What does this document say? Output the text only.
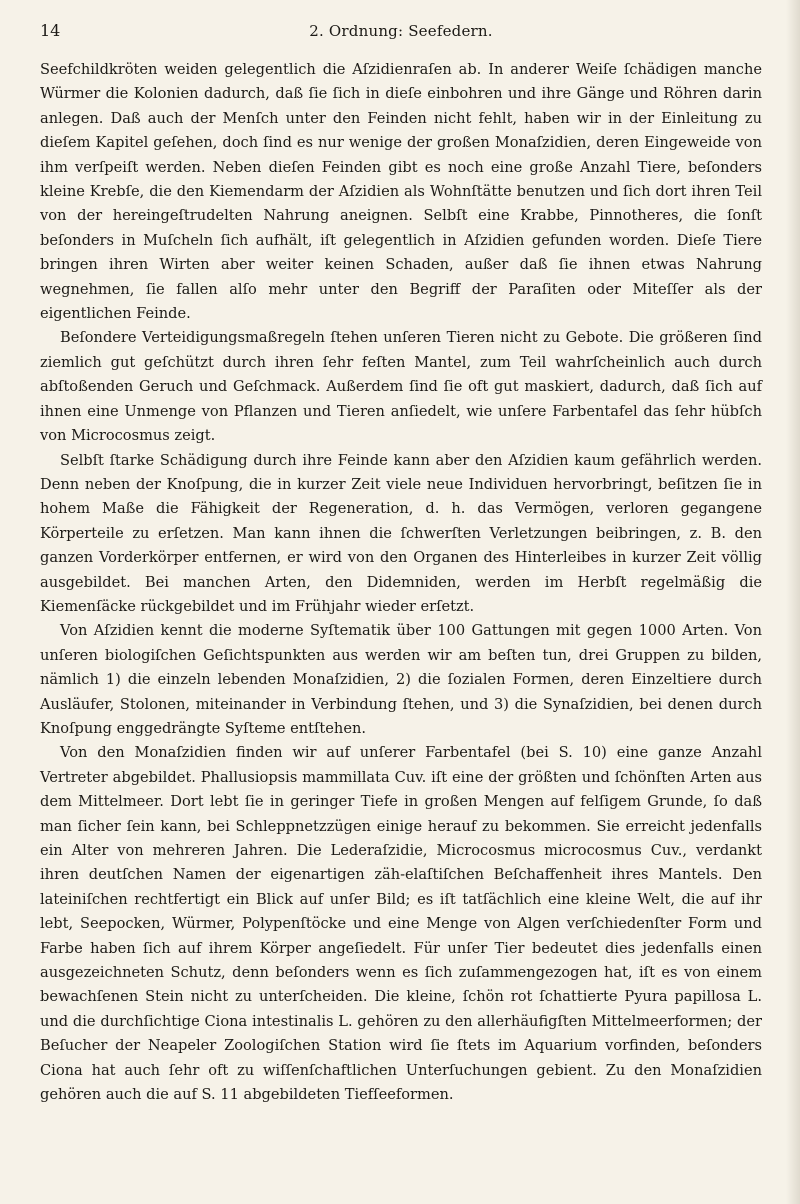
14	2. Ordnung: Seefedern.

Seefchildkröten weiden gelegentlich die Aſzidienraſen ab. In anderer Weiſe ſchädigen manche Würmer die Kolonien dadurch, daß ſie ſich in dieſe einbohren und ihre Gänge und Röhren darin anlegen. Daß auch der Menſch unter den Feinden nicht fehlt, haben wir in der Einleitung zu dieſem Kapitel geſehen, doch ſind es nur wenige der großen Monaſzidien, deren Eingeweide von ihm verſpeiſt werden. Neben dieſen Feinden gibt es noch eine große Anzahl Tiere, beſonders kleine Krebſe, die den Kiemendarm der Aſzidien als Wohnſtätte benutzen und ſich dort ihren Teil von der hereingeſtrudelten Nahrung aneignen. Selbſt eine Krabbe, Pinnotheres, die ſonſt beſonders in Muſcheln ſich aufhält, iſt gelegentlich in Aſzidien gefunden worden. Dieſe Tiere bringen ihren Wirten aber weiter keinen Schaden, außer daß ſie ihnen etwas Nahrung wegnehmen, ſie fallen alſo mehr unter den Begriff der Paraſiten oder Miteſſer als der eigentlichen Feinde.

Beſondere Verteidigungsmaßregeln ſtehen unſeren Tieren nicht zu Gebote. Die größeren ſind ziemlich gut geſchützt durch ihren ſehr feſten Mantel, zum Teil wahrſcheinlich auch durch abſtoßenden Geruch und Geſchmack. Außerdem ſind ſie oft gut maskiert, dadurch, daß ſich auf ihnen eine Unmenge von Pflanzen und Tieren anſiedelt, wie unſere Farbentafel das ſehr hübſch von Microcosmus zeigt.

Selbſt ſtarke Schädigung durch ihre Feinde kann aber den Aſzidien kaum gefährlich werden. Denn neben der Knoſpung, die in kurzer Zeit viele neue Individuen hervorbringt, beſitzen ſie in hohem Maße die Fähigkeit der Regeneration, d. h. das Vermögen, verloren gegangene Körperteile zu erſetzen. Man kann ihnen die ſchwerſten Verletzungen beibringen, z. B. den ganzen Vorderkörper entfernen, er wird von den Organen des Hinterleibes in kurzer Zeit völlig ausgebildet. Bei manchen Arten, den Didemniden, werden im Herbſt regelmäßig die Kiemenſäcke rückgebildet und im Frühjahr wieder erſetzt.

Von Aſzidien kennt die moderne Syſtematik über 100 Gattungen mit gegen 1000 Arten. Von unſeren biologiſchen Geſichtspunkten aus werden wir am beſten tun, drei Gruppen zu bilden, nämlich 1) die einzeln lebenden Monaſzidien, 2) die ſozialen Formen, deren Einzeltiere durch Ausläufer, Stolonen, miteinander in Verbindung ſtehen, und 3) die Synaſzidien, bei denen durch Knoſpung enggedrängte Syſteme entſtehen.

Von den Monaſzidien finden wir auf unſerer Farbentafel (bei S. 10) eine ganze Anzahl Vertreter abgebildet. Phallusiopsis mammillata Cuv. iſt eine der größten und ſchönſten Arten aus dem Mittelmeer. Dort lebt ſie in geringer Tiefe in großen Mengen auf felſigem Grunde, ſo daß man ſicher ſein kann, bei Schleppnetzzügen einige herauf zu bekommen. Sie erreicht jedenfalls ein Alter von mehreren Jahren. Die Lederaſzidie, Microcosmus microcosmus Cuv., verdankt ihren deutſchen Namen der eigenartigen zäh-elaſtiſchen Beſchaffenheit ihres Mantels. Den lateiniſchen rechtfertigt ein Blick auf unſer Bild; es iſt tatſächlich eine kleine Welt, die auf ihr lebt, Seepocken, Würmer, Polypenſtöcke und eine Menge von Algen verſchiedenſter Form und Farbe haben ſich auf ihrem Körper angeſiedelt. Für unſer Tier bedeutet dies jedenfalls einen ausgezeichneten Schutz, denn beſonders wenn es ſich zuſammengezogen hat, iſt es von einem bewachſenen Stein nicht zu unterſcheiden. Die kleine, ſchön rot ſchattierte Pyura papillosa L. und die durchſichtige Ciona intestinalis L. gehören zu den allerhäufigſten Mittelmeerformen; der Beſucher der Neapeler Zoologiſchen Station wird ſie ſtets im Aquarium vorfinden, beſonders Ciona hat auch ſehr oft zu wiſſenſchaftlichen Unterſuchungen gebient. Zu den Monaſzidien gehören auch die auf S. 11 abgebildeten Tiefſeeformen.
